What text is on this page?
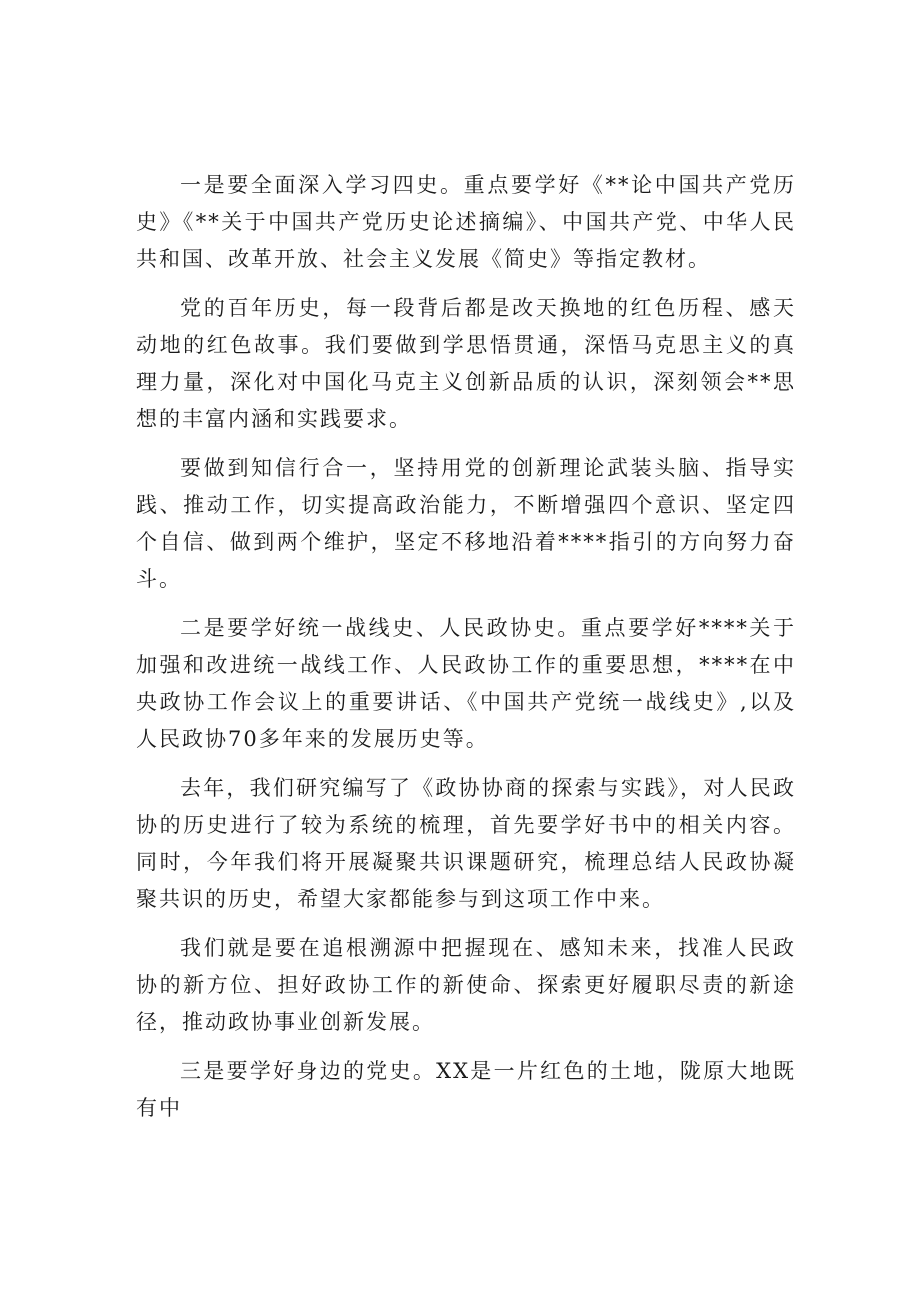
一是要全面深入学习四史。重点要学好《**论中国共产党历史》《**关于中国共产党历史论述摘编》、中国共产党、中华人民共和国、改革开放、社会主义发展《简史》等指定教材。

党的百年历史，每一段背后都是改天换地的红色历程、感天动地的红色故事。我们要做到学思悟贯通，深悟马克思主义的真理力量，深化对中国化马克主义创新品质的认识，深刻领会**思想的丰富内涵和实践要求。

要做到知信行合一，坚持用党的创新理论武装头脑、指导实践、推动工作，切实提高政治能力，不断增强四个意识、坚定四个自信、做到两个维护，坚定不移地沿着****指引的方向努力奋斗。

二是要学好统一战线史、人民政协史。重点要学好****关于加强和改进统一战线工作、人民政协工作的重要思想，****在中央政协工作会议上的重要讲话、《中国共产党统一战线史》,以及人民政协70多年来的发展历史等。

去年，我们研究编写了《政协协商的探索与实践》，对人民政协的历史进行了较为系统的梳理，首先要学好书中的相关内容。同时，今年我们将开展凝聚共识课题研究，梳理总结人民政协凝聚共识的历史，希望大家都能参与到这项工作中来。

我们就是要在追根溯源中把握现在、感知未来，找准人民政协的新方位、担好政协工作的新使命、探索更好履职尽责的新途径，推动政协事业创新发展。

三是要学好身边的党史。XX是一片红色的土地，陇原大地既有中
